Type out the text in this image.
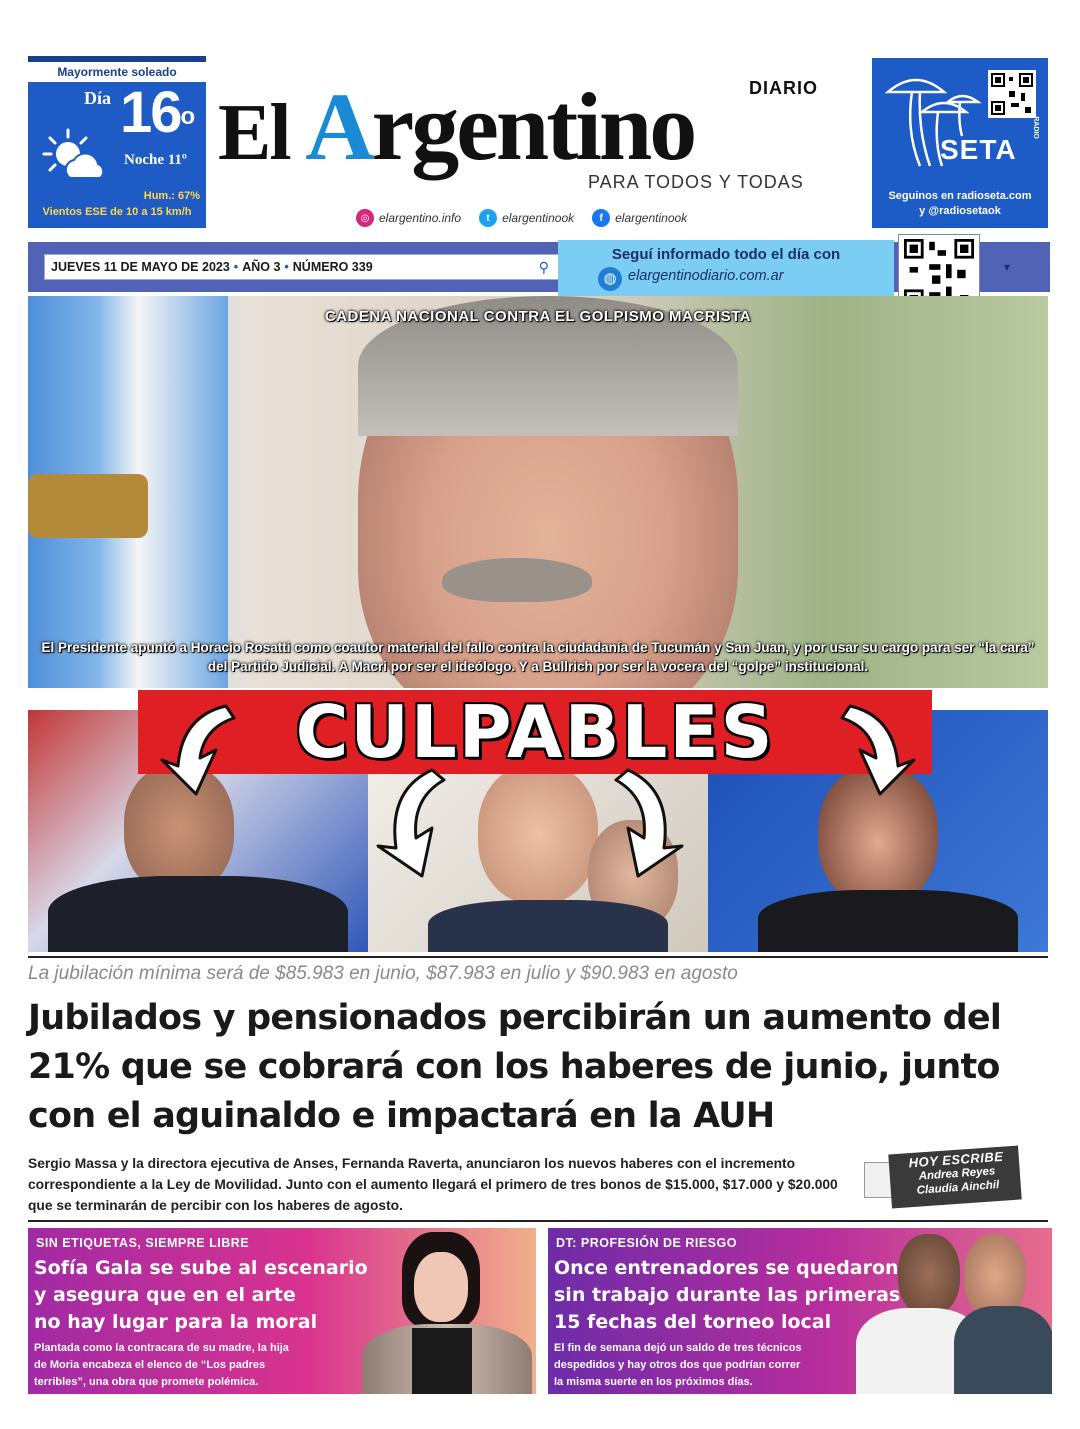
Mayormente soleado
Día 16$^o$
Noche 11º
Hum.: 67%
Vientos ESE de 10 a 15 km/h
El Argentino	DIARIO
PARA TODOS Y TODAS
◎ elargentino.info	t	elargentinook	f	elargentinook
SETA
RADIO
Seguinos en radioseta.com
y @radiosetaok
JUEVES 11 DE MAYO DE 2023 • AÑO 3 • NÚMERO 339	⚲
Seguí informado todo el día con
◍ elargentinodiario.com.ar
▾
CADENA NACIONAL CONTRA EL GOLPISMO MACRISTA
El Presidente apuntó a Horacio Rosatti como coautor material del fallo contra la ciudadanía de Tucumán y San Juan, y por usar su cargo para ser “la cara” del Partido Judicial. A Macri por ser el ideólogo. Y a Bullrich por ser la vocera del “golpe” institucional.
CULPABLES
La jubilación mínima será de $85.983 en junio, $87.983 en julio y $90.983 en agosto
Jubilados y pensionados percibirán un aumento del 21% que se cobrará con los haberes de junio, junto con el aguinaldo e impactará en la AUH
Sergio Massa y la directora ejecutiva de Anses, Fernanda Raverta, anunciaron los nuevos haberes con el incremento correspondiente a la Ley de Movilidad. Junto con el aumento llegará el primero de tres bonos de $15.000, $17.000 y $20.000 que se terminarán de percibir con los haberes de agosto.
HOY ESCRIBE
Andrea Reyes
Claudia Ainchil
SIN ETIQUETAS, SIEMPRE LIBRE
Sofía Gala se sube al escenario
y asegura que en el arte
no hay lugar para la moral
Plantada como la contracara de su madre, la hija
de Moria encabeza el elenco de “Los padres
terribles”, una obra que promete polémica.
DT: PROFESIÓN DE RIESGO
Once entrenadores se quedaron
sin trabajo durante las primeras
15 fechas del torneo local
El fin de semana dejó un saldo de tres técnicos
despedidos y hay otros dos que podrían correr
la misma suerte en los próximos días.
